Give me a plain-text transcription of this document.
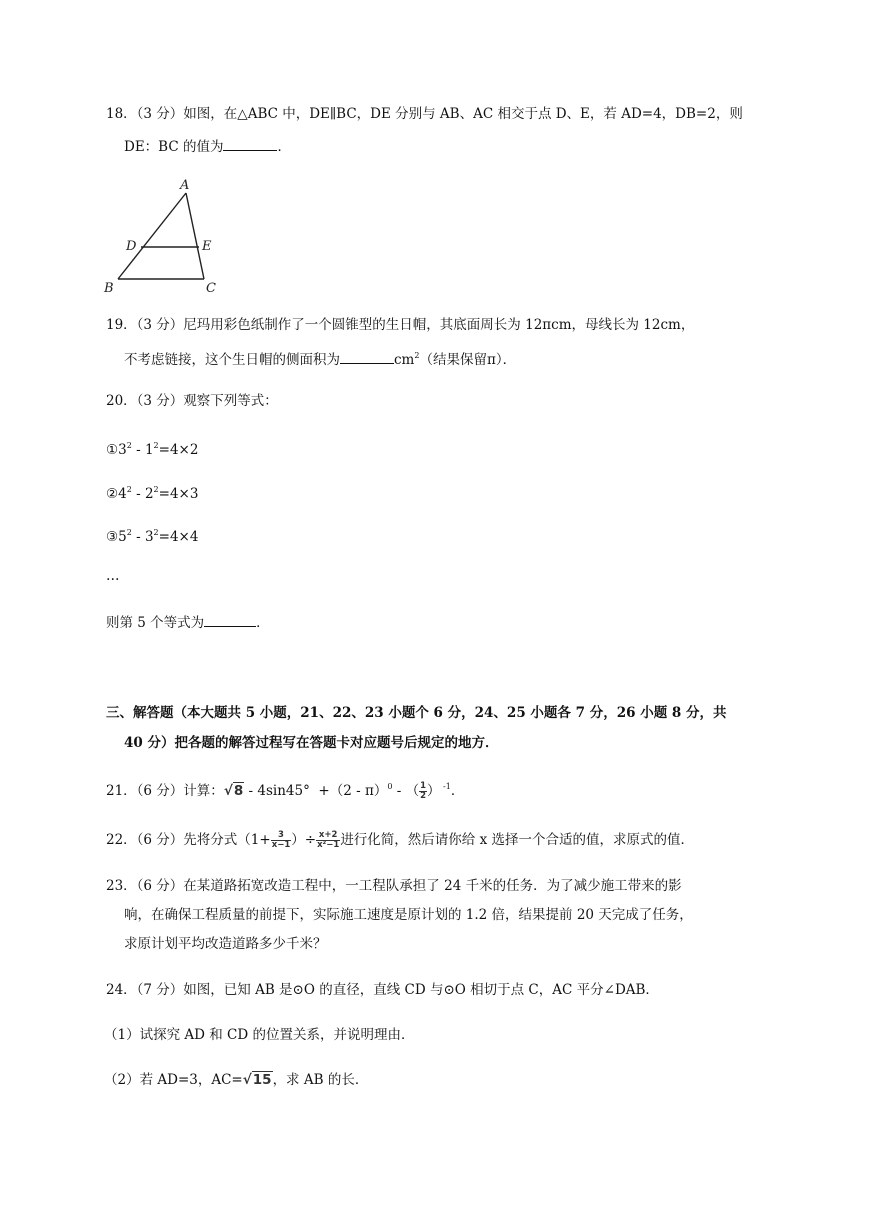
18．（3 分）如图，在△ABC 中，DE∥BC，DE 分别与 AB、AC 相交于点 D、E，若 AD=4，DB=2，则
DE：BC 的值为	．
A
D	E
B	C
19．（3 分）尼玛用彩色纸制作了一个圆锥型的生日帽，其底面周长为 12πcm，母线长为 12cm，
不考虑链接，这个生日帽的侧面积为	$cm^2$（结果保留π）．
20．（3 分）观察下列等式：
$①3^2 - 1^2=4\times 2$
$②4^2 - 2^2=4\times 3$
$③5^2 - 3^2=4\times 4$
…
则第 5 个等式为	．
三、解答题（本大题共 5 小题，21、22、23 小题个 6 分，24、25 小题各 7 分，26 小题 8 分，共
40 分）把各题的解答过程写在答题卡对应题号后规定的地方．
21．（6 分）计算：√8 - 4sin45°  +（2 - π）$^0$ - （ $\frac{1}{2}$ ） $^{-1}$．
22．（6 分）先将分式（$1+ \frac{3}{x-1}$ ）÷ $\frac{x+2}{\text{x²−1}}$ 进行化简，然后请你给 x 选择一个合适的值，求原式的值．
23．（6 分）在某道路拓宽改造工程中，一工程队承担了 24 千米的任务．为了减少施工带来的影
响，在确保工程质量的前提下，实际施工速度是原计划的 1.2 倍，结果提前 20 天完成了任务，
求原计划平均改造道路多少千米？
24．（7 分）如图，已知 AB 是⊙O 的直径，直线 CD 与⊙O 相切于点 C，AC 平分∠DAB．
（1）试探究 AD 和 CD 的位置关系，并说明理由．
（2）若 AD=3，AC=√15，求 AB 的长．
